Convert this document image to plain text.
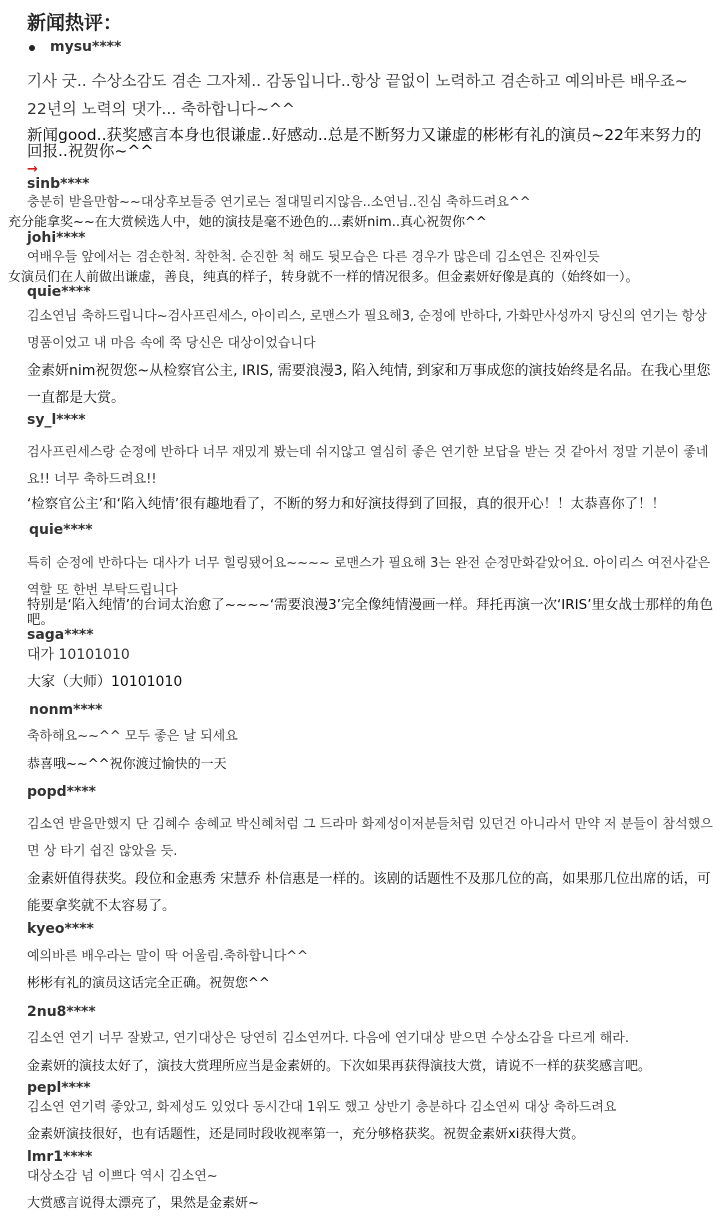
新闻热评：
mysu****
기사 굿.. 수상소감도 겸손 그자체.. 감동입니다..항상 끝없이 노력하고 겸손하고 예의바른 배우죠~ 22년의 노력의 댓가... 축하합니다~^^
新闻good..获奖感言本身也很谦虚..好感动..总是不断努力又谦虚的彬彬有礼的演员~22年来努力的回报..祝贺你~^^
→
sinb****
충분히 받을만함~~대상후보들중 연기로는 절대밀리지않음..소연님..진심 축하드려요^^
充分能拿奖~~在大赏候选人中，她的演技是毫不逊色的...素妍nim..真心祝贺你^^
johi****
여배우들 앞에서는 겸손한척. 착한척. 순진한 척 해도 뒷모습은 다른 경우가 많은데 김소연은 진짜인듯
女演员们在人前做出谦虚，善良，纯真的样子，转身就不一样的情况很多。但金素妍好像是真的（始终如一）。
quie****
김소연님 축하드립니다~검사프린세스, 아이리스, 로맨스가 필요해3, 순정에 반하다, 가화만사성까지 당신의 연기는 항상 명품이었고 내 마음 속에 쭉 당신은 대상이었습니다
金素妍nim祝贺您~从检察官公主, IRIS, 需要浪漫3, 陷入纯情, 到家和万事成您的演技始终是名品。在我心里您一直都是大赏。
sy_l****
검사프린세스랑 순정에 반하다 너무 재밌게 봤는데 쉬지않고 열심히 좋은 연기한 보답을 받는 것 같아서 정말 기분이 좋네요!! 너무 축하드려요!!
‘检察官公主’和‘陷入纯情’很有趣地看了，不断的努力和好演技得到了回报，真的很开心！！太恭喜你了！！
quie****
특히 순정에 반하다는 대사가 너무 힐링됐어요~~~~ 로맨스가 필요해 3는 완전 순정만화같았어요. 아이리스 여전사같은 역할 또 한번 부탁드립니다
特别是‘陷入纯情’的台词太治愈了~~~~‘需要浪漫3’完全像纯情漫画一样。拜托再演一次‘IRIS’里女战士那样的角色吧。
saga****
대가 10101010
大家（大师）10101010
nonm****
축하해요~~^^ 모두 좋은 날 되세요
恭喜哦~~^^祝你渡过愉快的一天
popd****
김소연 받을만했지 단 김혜수 송혜교 박신혜처럼 그 드라마 화제성이저분들처럼 있던건 아니라서 만약 저 분들이 참석했으면 상 타기 쉽진 않았을 듯.
金素妍值得获奖。段位和金惠秀 宋慧乔 朴信惠是一样的。该剧的话题性不及那几位的高，如果那几位出席的话，可能要拿奖就不太容易了。
kyeo****
예의바른 배우라는 말이 딱 어울림.축하합니다^^
彬彬有礼的演员这话完全正确。祝贺您^^
2nu8****
김소연 연기 너무 잘봤고, 연기대상은 당연히 김소연꺼다. 다음에 연기대상 받으면 수상소감을 다르게 해라.
金素妍的演技太好了，演技大赏理所应当是金素妍的。下次如果再获得演技大赏，请说不一样的获奖感言吧。
pepl****
김소연 연기력 좋았고, 화제성도 있었다 동시간대 1위도 했고 상반기 충분하다 김소연씨 대상 축하드려요
金素妍演技很好，也有话题性，还是同时段收视率第一，充分够格获奖。祝贺金素妍xi获得大赏。
lmr1****
대상소감 넘 이쁘다 역시 김소연~
大赏感言说得太漂亮了，果然是金素妍~
